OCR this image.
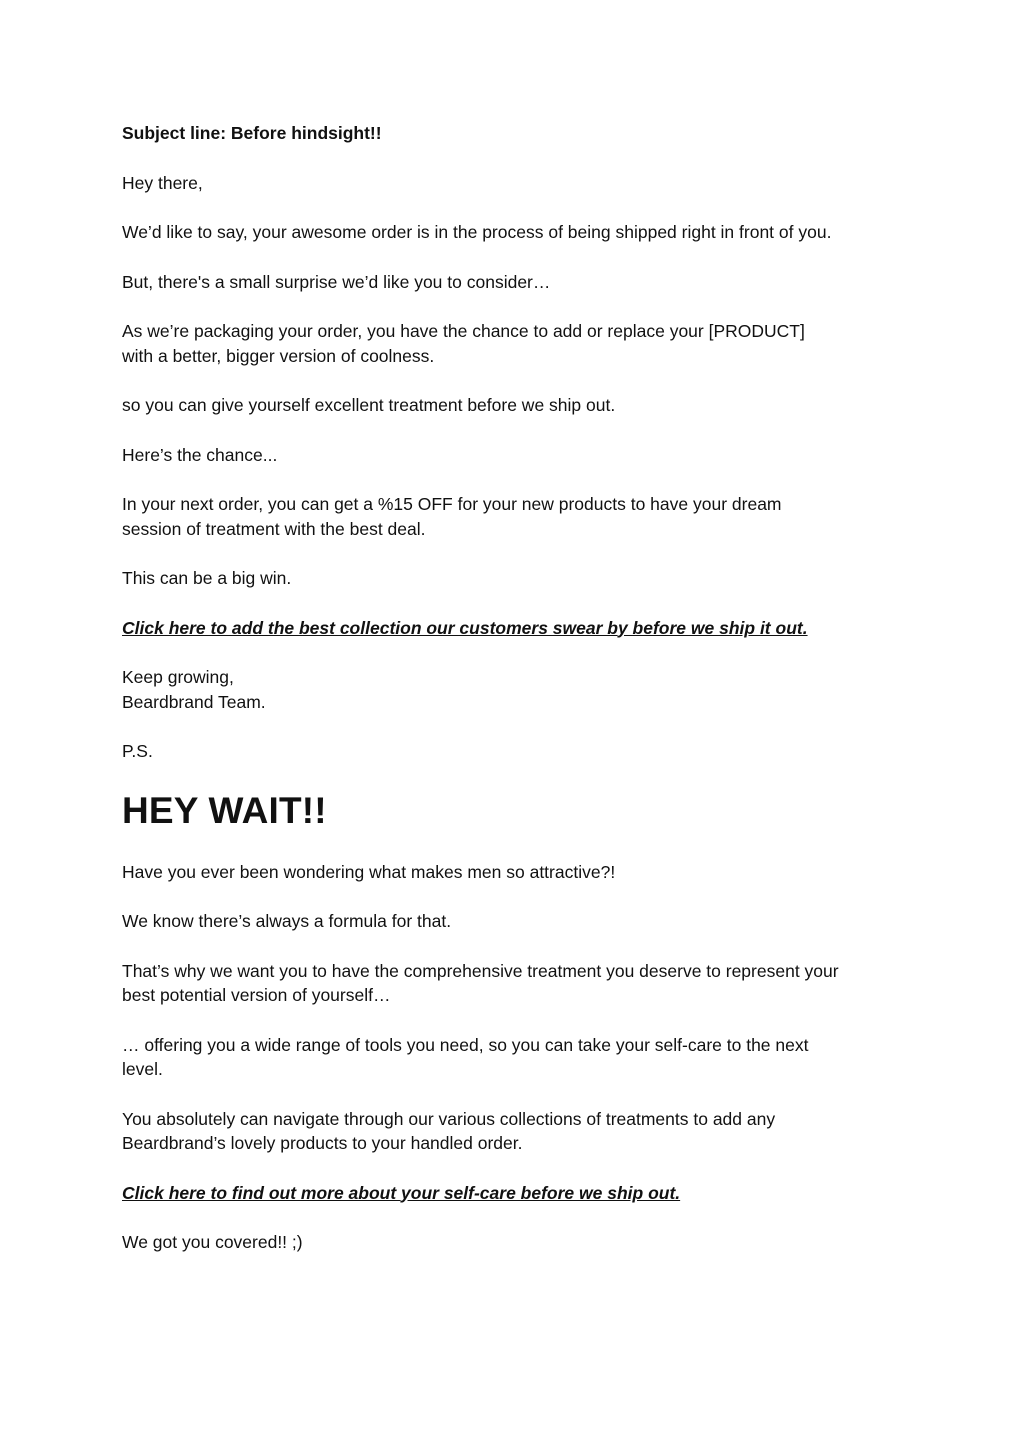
Subject line: Before hindsight!!

Hey there,

We’d like to say, your awesome order is in the process of being shipped right in front of you.

But, there's a small surprise we’d like you to consider…

As we’re packaging your order, you have the chance to add or replace your [PRODUCT]
with a better, bigger version of coolness.

so you can give yourself excellent treatment before we ship out.

Here’s the chance...

In your next order, you can get a %15 OFF for your new products to have your dream
session of treatment with the best deal.

This can be a big win.

Click here to add the best collection our customers swear by before we ship it out.

Keep growing,
Beardbrand Team.

P.S.

HEY WAIT!!

Have you ever been wondering what makes men so attractive?!

We know there’s always a formula for that.

That’s why we want you to have the comprehensive treatment you deserve to represent your
best potential version of yourself…

… offering you a wide range of tools you need, so you can take your self-care to the next
level.

You absolutely can navigate through our various collections of treatments to add any
Beardbrand’s lovely products to your handled order.

Click here to find out more about your self-care before we ship out.

We got you covered!! ;)
